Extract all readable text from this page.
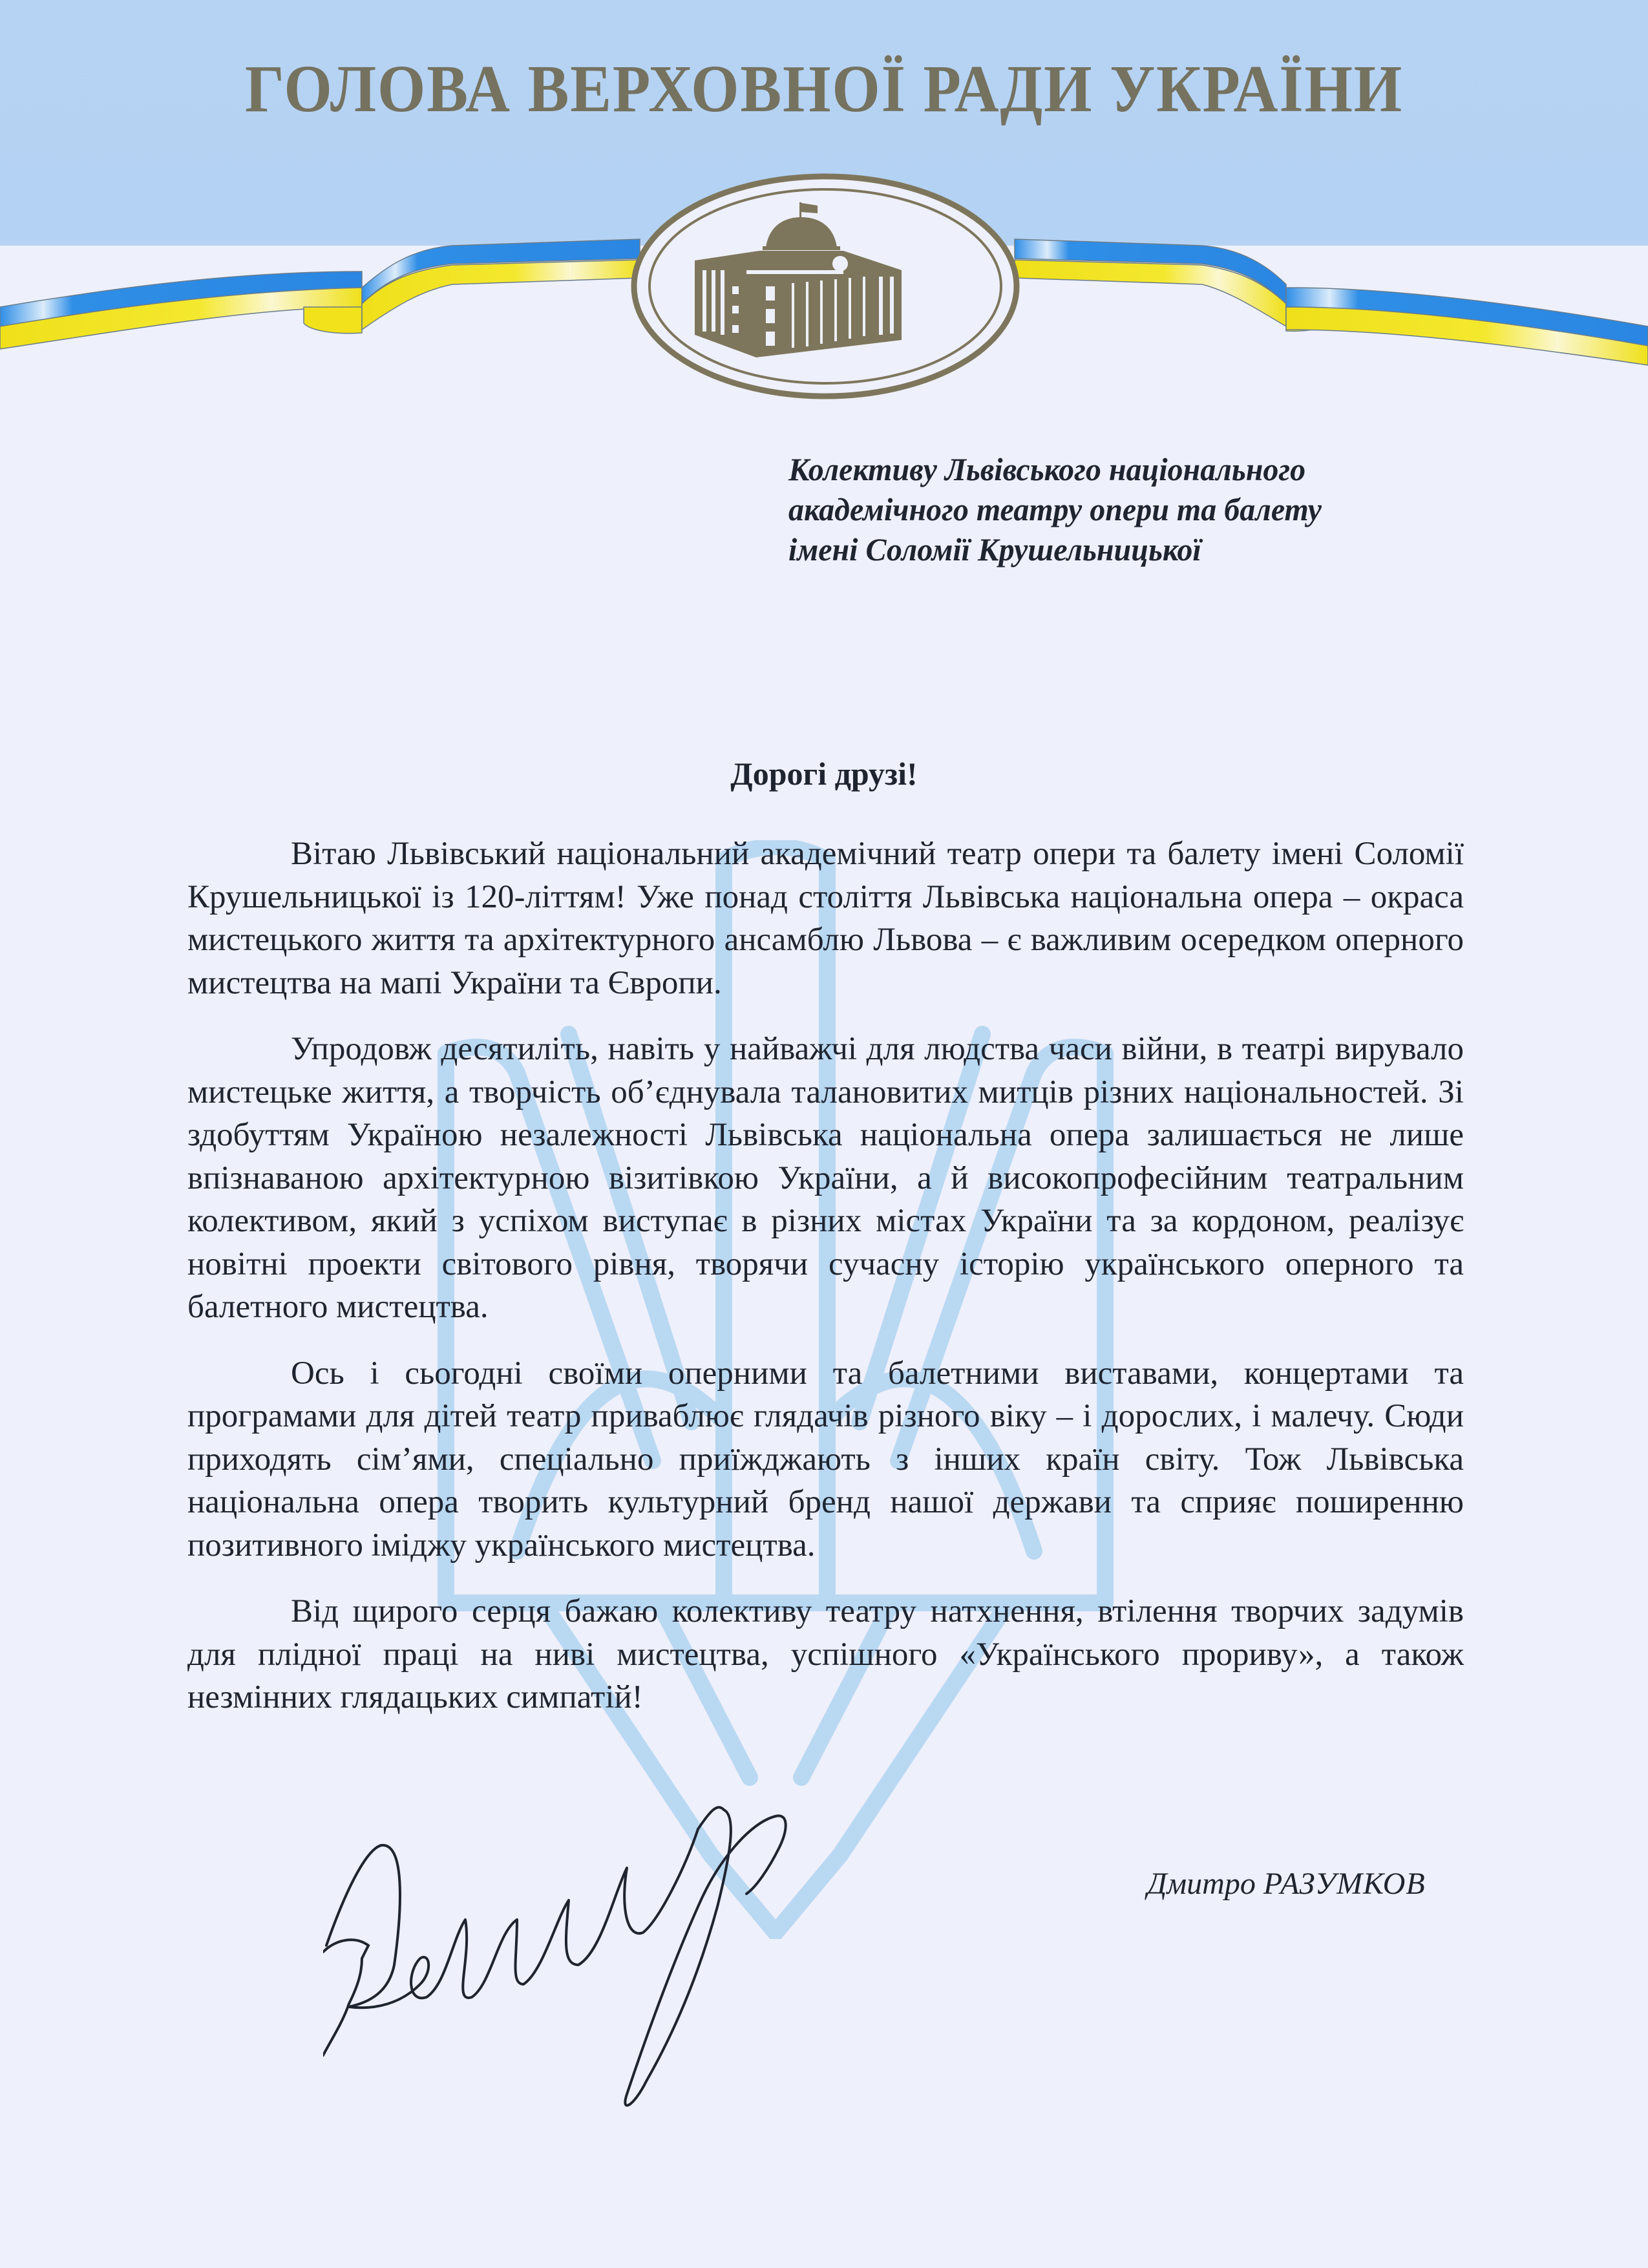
ГОЛОВА ВЕРХОВНОЇ РАДИ УКРАЇНИ
Колективу Львівського національного
академічного театру опери та балету
імені Соломії Крушельницької
Дорогі друзі!

Вітаю Львівський національний академічний театр опери та балету імені Соломії Крушельницької із 120-літтям! Уже понад століття Львівська національна опера – окраса мистецького життя та архітектурного ансамблю Львова – є важливим осередком оперного мистецтва на мапі України та Європи.

Упродовж десятиліть, навіть у найважчі для людства часи війни, в театрі вирувало мистецьке життя, а творчість об’єднувала талановитих митців різних національностей. Зі здобуттям Україною незалежності Львівська національна опера залишається не лише впізнаваною архітектурною візитівкою України, а й високопрофесійним театральним колективом, який з успіхом виступає в різних містах України та за кордоном, реалізує новітні проекти світового рівня, творячи сучасну історію українського оперного та балетного мистецтва.

Ось і сьогодні своїми оперними та балетними виставами, концертами та програмами для дітей театр приваблює глядачів різного віку – і дорослих, і малечу. Сюди приходять сім’ями, спеціально приїжджають з інших країн світу. Тож Львівська національна опера творить культурний бренд нашої держави та сприяє поширенню позитивного іміджу українського мистецтва.

Від щирого серця бажаю колективу театру натхнення, втілення творчих задумів для плідної праці на ниві мистецтва, успішного «Українського прориву», а також незмінних глядацьких симпатій!

Дмитро РАЗУМКОВ
